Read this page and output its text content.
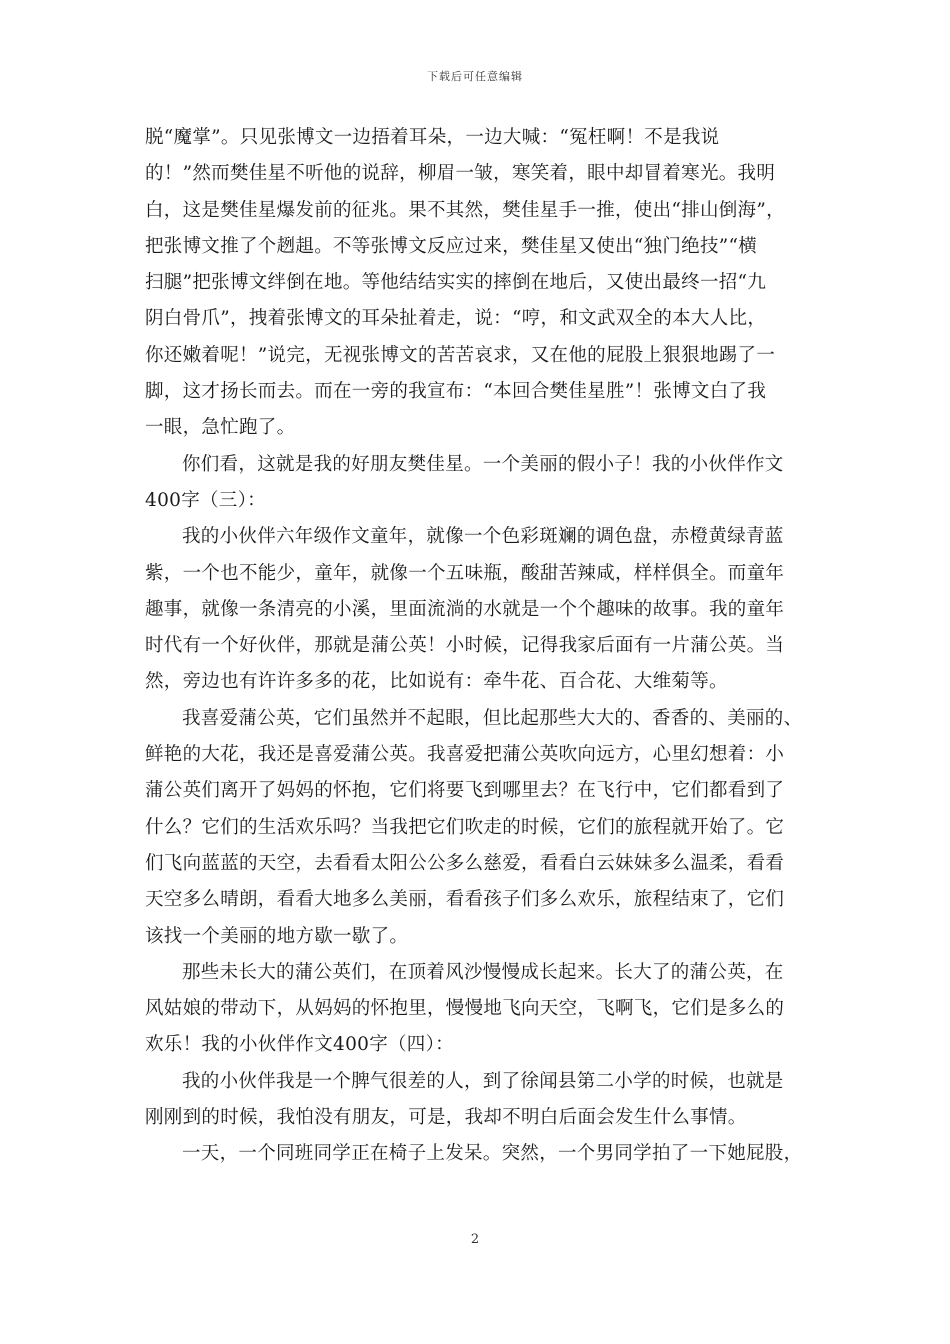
下载后可任意编辑
脱“魔掌”。只见张博文一边捂着耳朵，一边大喊：“冤枉啊！不是我说
的！”然而樊佳星不听他的说辞，柳眉一皱，寒笑着，眼中却冒着寒光。我明
白，这是樊佳星爆发前的征兆。果不其然，樊佳星手一推，使出“排山倒海”，
把张博文推了个趔趄。不等张博文反应过来，樊佳星又使出“独门绝技”“横
扫腿”把张博文绊倒在地。等他结结实实的摔倒在地后，又使出最终一招“九
阴白骨爪”，拽着张博文的耳朵扯着走，说：“哼，和文武双全的本大人比，
你还嫩着呢！”说完，无视张博文的苦苦哀求，又在他的屁股上狠狠地踢了一
脚，这才扬长而去。而在一旁的我宣布：“本回合樊佳星胜”！张博文白了我
一眼，急忙跑了。
你们看，这就是我的好朋友樊佳星。一个美丽的假小子！我的小伙伴作文
400字（三）：
我的小伙伴六年级作文童年，就像一个色彩斑斓的调色盘，赤橙黄绿青蓝
紫，一个也不能少，童年，就像一个五味瓶，酸甜苦辣咸，样样俱全。而童年
趣事，就像一条清亮的小溪，里面流淌的水就是一个个趣味的故事。我的童年
时代有一个好伙伴，那就是蒲公英！小时候，记得我家后面有一片蒲公英。当
然，旁边也有许许多多的花，比如说有：牵牛花、百合花、大维菊等。
我喜爱蒲公英，它们虽然并不起眼，但比起那些大大的、香香的、美丽的、
鲜艳的大花，我还是喜爱蒲公英。我喜爱把蒲公英吹向远方，心里幻想着：小
蒲公英们离开了妈妈的怀抱，它们将要飞到哪里去？在飞行中，它们都看到了
什么？它们的生活欢乐吗？当我把它们吹走的时候，它们的旅程就开始了。它
们飞向蓝蓝的天空，去看看太阳公公多么慈爱，看看白云妹妹多么温柔，看看
天空多么晴朗，看看大地多么美丽，看看孩子们多么欢乐，旅程结束了，它们
该找一个美丽的地方歇一歇了。
那些未长大的蒲公英们，在顶着风沙慢慢成长起来。长大了的蒲公英，在
风姑娘的带动下，从妈妈的怀抱里，慢慢地飞向天空，飞啊飞，它们是多么的
欢乐！我的小伙伴作文400字（四）：
我的小伙伴我是一个脾气很差的人，到了徐闻县第二小学的时候，也就是
刚刚到的时候，我怕没有朋友，可是，我却不明白后面会发生什么事情。
一天，一个同班同学正在椅子上发呆。突然，一个男同学拍了一下她屁股，
2
